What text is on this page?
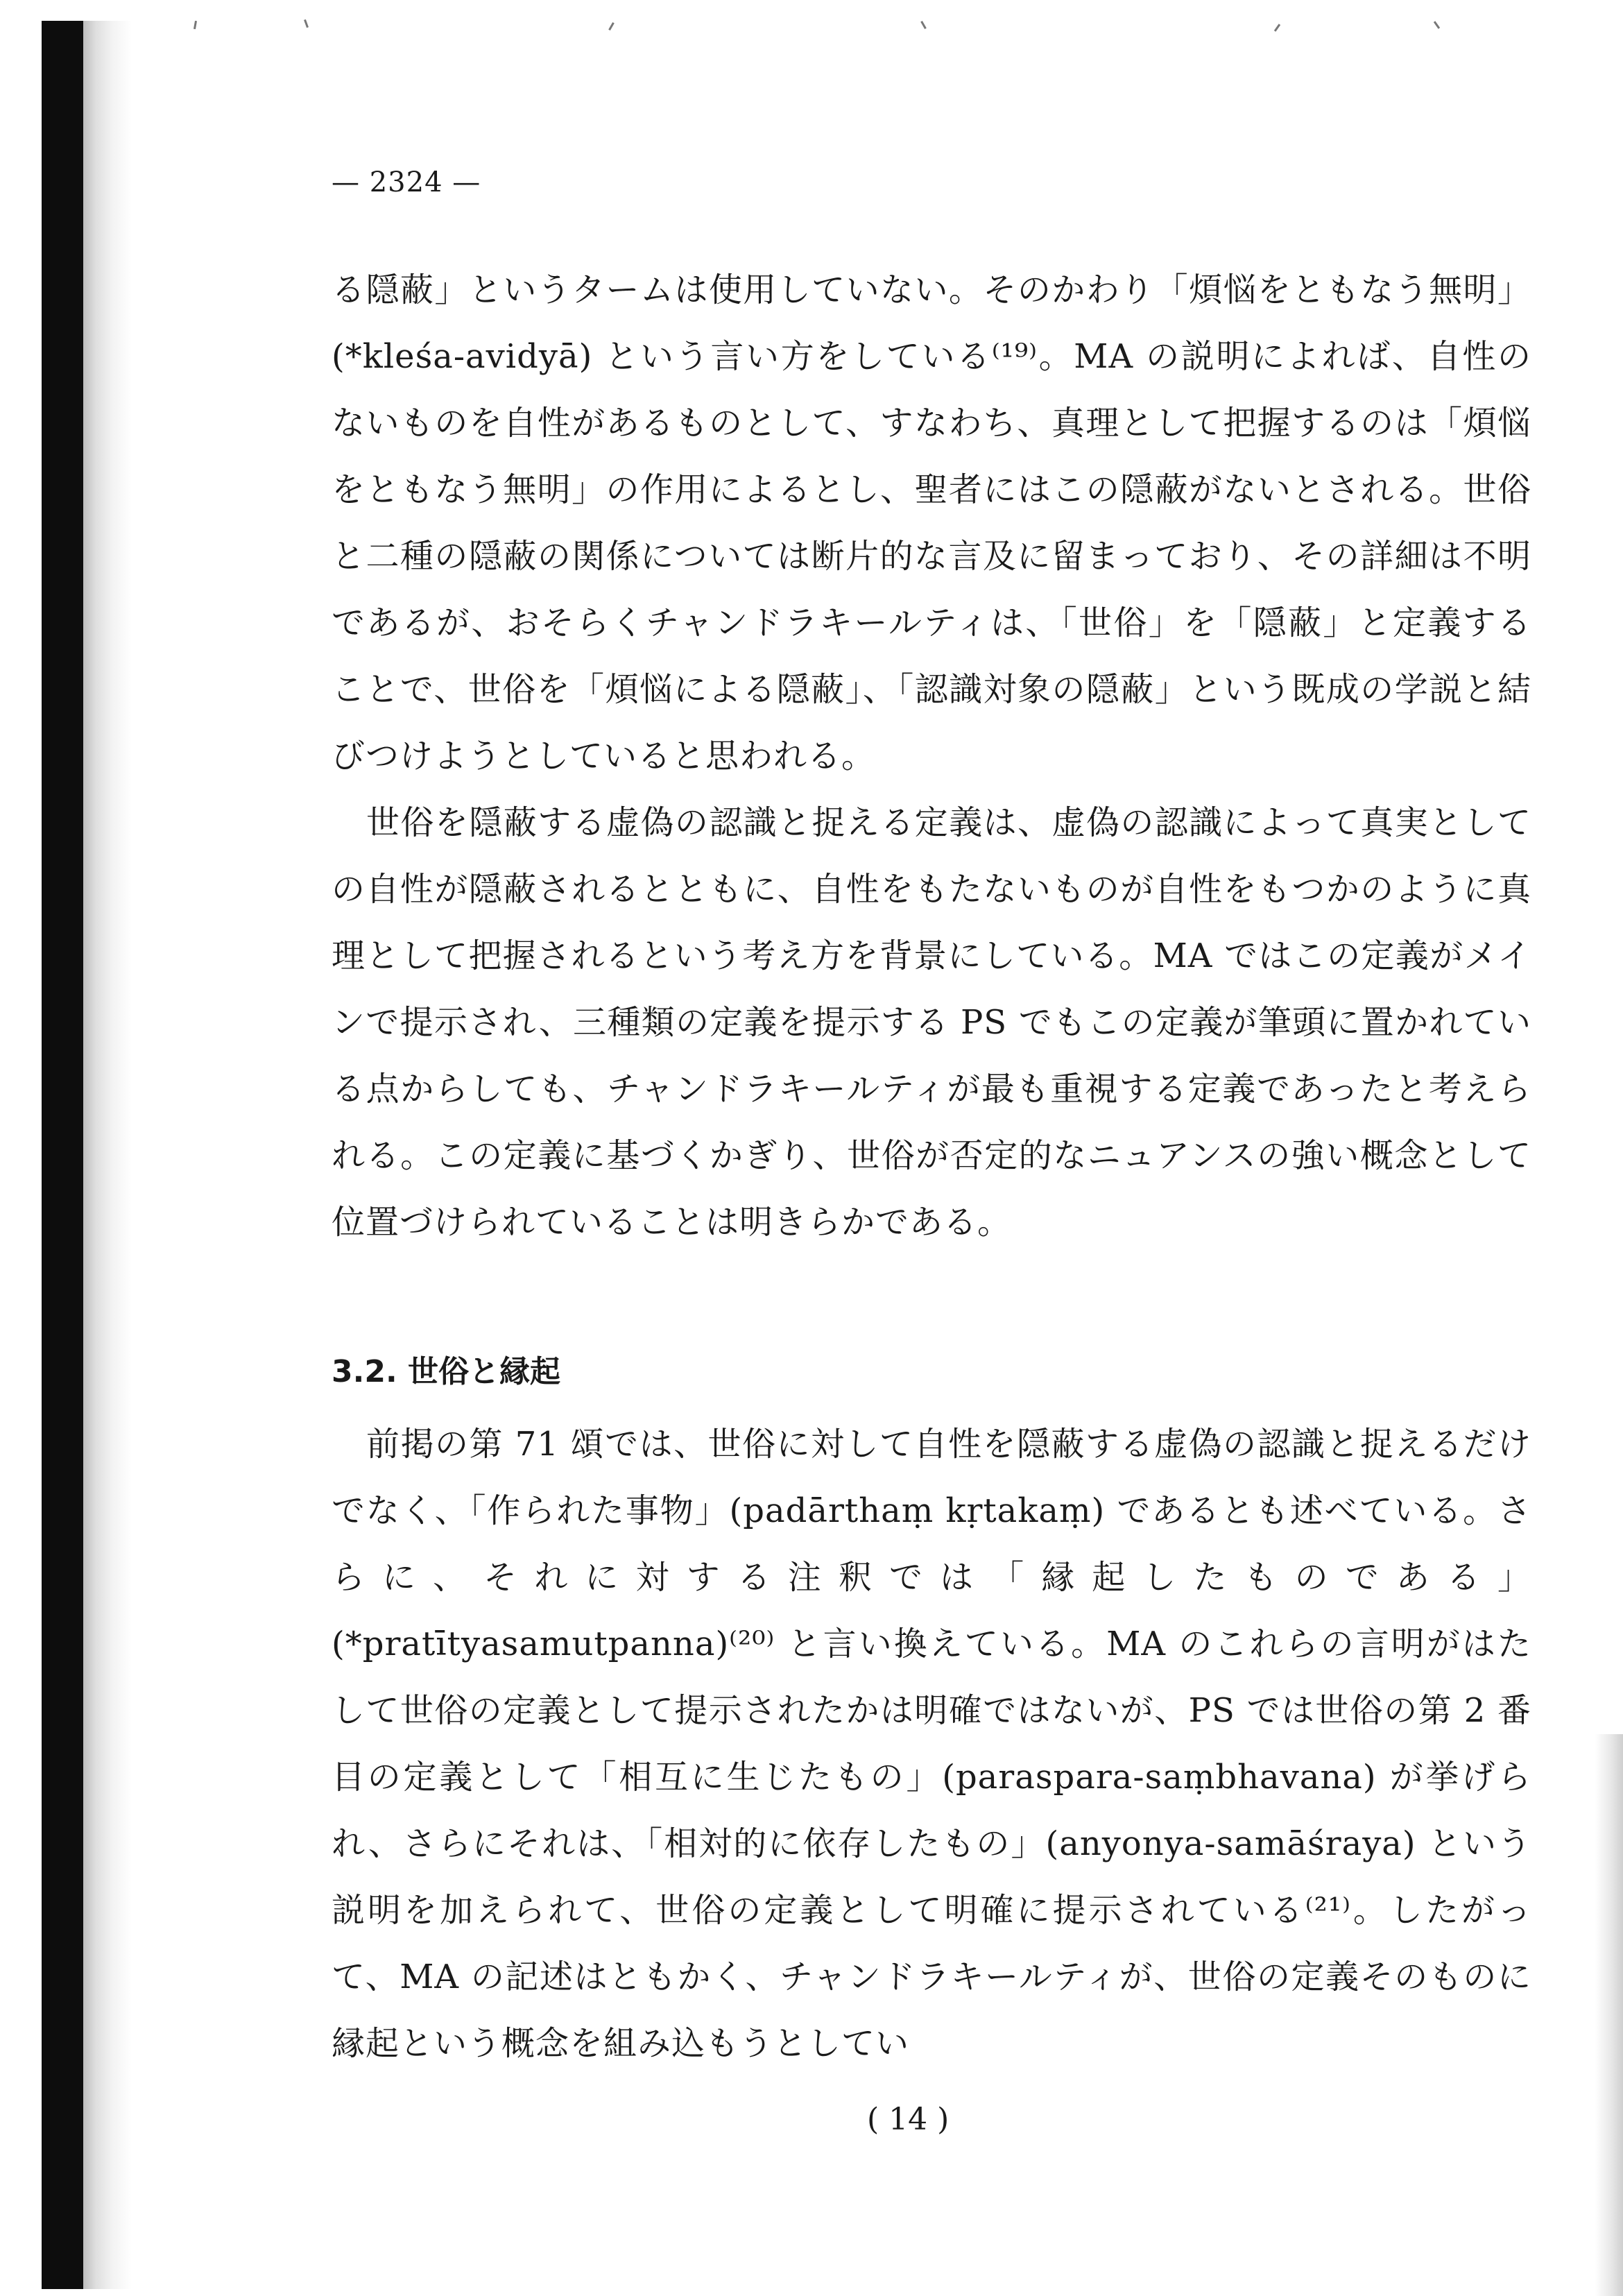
— 2324 —

る隠蔽」というタームは使用していない。そのかわり「煩悩をともなう無明」(*kleśa-avidyā) という言い方をしている⁽¹⁹⁾。MA の説明によれば、自性のないものを自性があるものとして、すなわち、真理として把握するのは「煩悩をともなう無明」の作用によるとし、聖者にはこの隠蔽がないとされる。世俗と二種の隠蔽の関係については断片的な言及に留まっており、その詳細は不明であるが、おそらくチャンドラキールティは、「世俗」を「隠蔽」と定義することで、世俗を「煩悩による隠蔽」、「認識対象の隠蔽」という既成の学説と結びつけようとしていると思われる。

世俗を隠蔽する虚偽の認識と捉える定義は、虚偽の認識によって真実としての自性が隠蔽されるとともに、自性をもたないものが自性をもつかのように真理として把握されるという考え方を背景にしている。MA ではこの定義がメインで提示され、三種類の定義を提示する PS でもこの定義が筆頭に置かれている点からしても、チャンドラキールティが最も重視する定義であったと考えられる。この定義に基づくかぎり、世俗が否定的なニュアンスの強い概念として位置づけられていることは明きらかである。

3.2. 世俗と縁起

前掲の第 71 頌では、世俗に対して自性を隠蔽する虚偽の認識と捉えるだけでなく、「作られた事物」(padārthaṃ kṛtakaṃ) であるとも述べている。さらに、それに対する注釈では「縁起したものである」(*pratītyasamutpanna)⁽²⁰⁾ と言い換えている。MA のこれらの言明がはたして世俗の定義として提示されたかは明確ではないが、PS では世俗の第 2 番目の定義として「相互に生じたもの」(paraspara-saṃbhavana) が挙げられ、さらにそれは、「相対的に依存したもの」(anyonya-samāśraya) という説明を加えられて、世俗の定義として明確に提示されている⁽²¹⁾。したがって、MA の記述はともかく、チャンドラキールティが、世俗の定義そのものに縁起という概念を組み込もうとしてい

( 14 )
